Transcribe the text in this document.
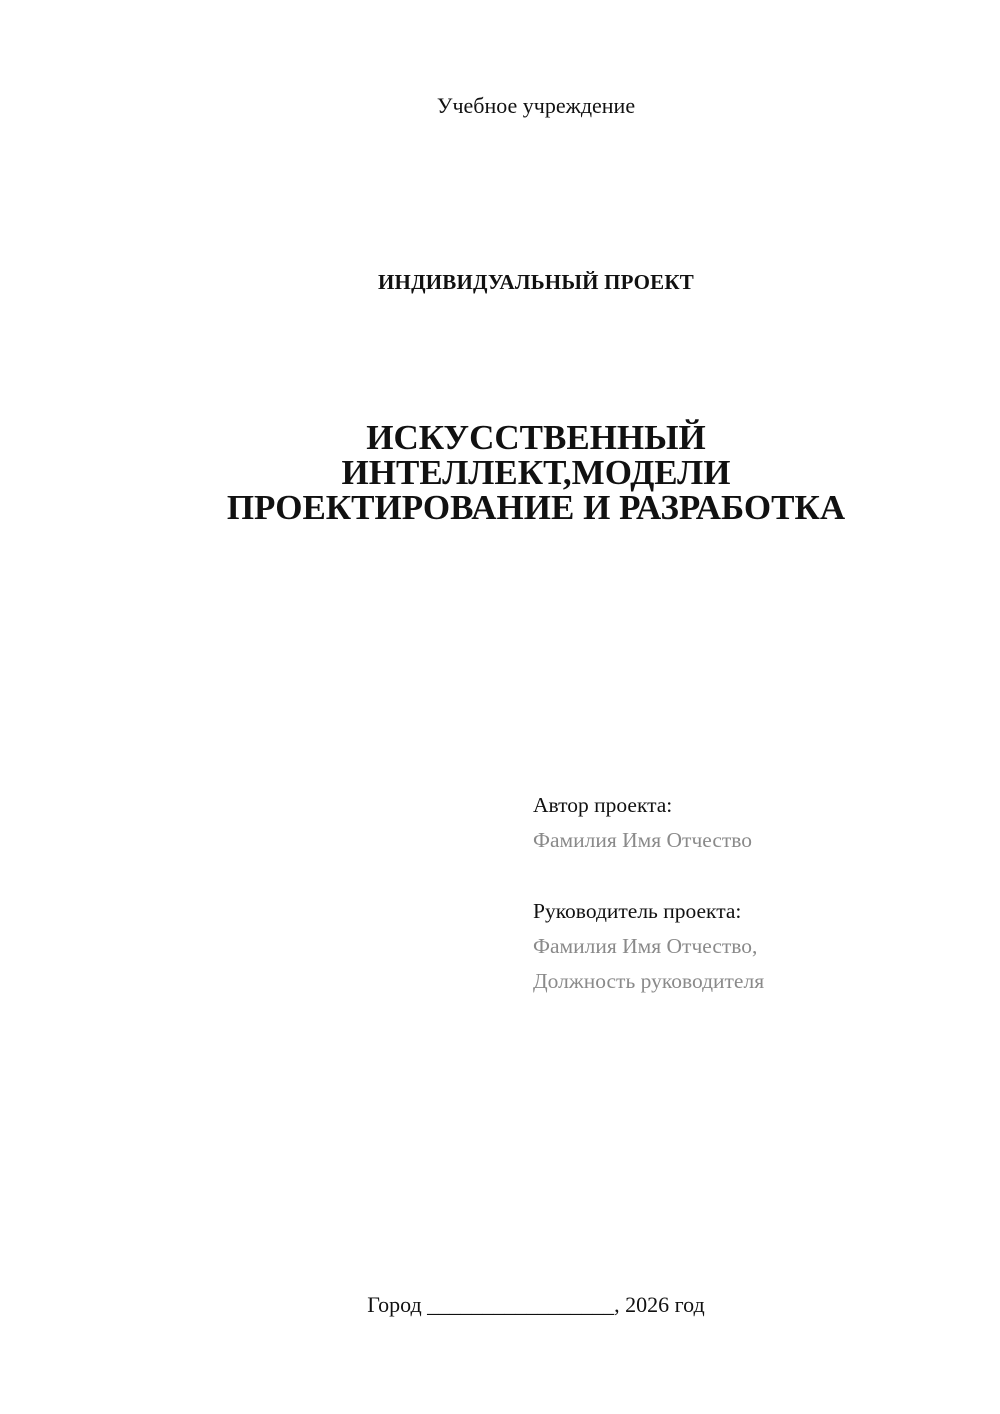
Учебное учреждение
ИНДИВИДУАЛЬНЫЙ ПРОЕКТ
ИСКУССТВЕННЫЙ
ИНТЕЛЛЕКТ,МОДЕЛИ
ПРОЕКТИРОВАНИЕ И РАЗРАБОТКА
Автор проекта:
Фамилия Имя Отчество
Руководитель проекта:
Фамилия Имя Отчество,
Должность руководителя
Город _________________, 2026 год
